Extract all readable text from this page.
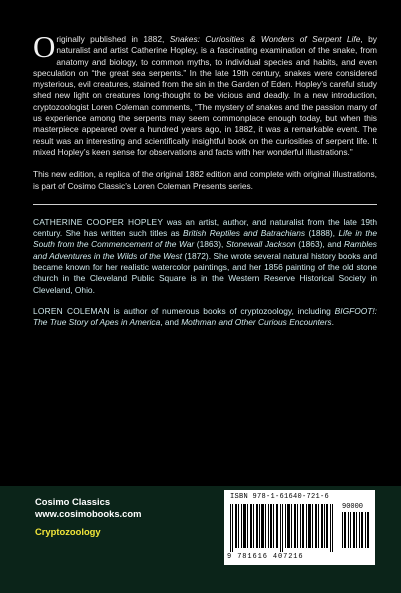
Originally published in 1882, Snakes: Curiosities & Wonders of Serpent Life, by naturalist and artist Catherine Hopley, is a fascinating examination of the snake, from anatomy and biology, to common myths, to individual species and habits, and even speculation on “the great sea serpents.” In the late 19th century, snakes were considered mysterious, evil creatures, stained from the sin in the Garden of Eden. Hopley’s careful study shed new light on creatures long-thought to be vicious and deadly. In a new introduction, cryptozoologist Loren Coleman comments, “The mystery of snakes and the passion many of us experience among the serpents may seem commonplace enough today, but when this masterpiece appeared over a hundred years ago, in 1882, it was a remarkable event. The result was an interesting and scientifically insightful book on the curiosities of serpent life. It mixed Hopley’s keen sense for observations and facts with her wonderful illustrations.”

This new edition, a replica of the original 1882 edition and complete with original illustrations, is part of Cosimo Classic’s Loren Coleman Presents series.

CATHERINE COOPER HOPLEY was an artist, author, and naturalist from the late 19th century. She has written such titles as British Reptiles and Batrachians (1888), Life in the South from the Commencement of the War (1863), Stonewall Jackson (1863), and Rambles and Adventures in the Wilds of the West (1872). She wrote several natural history books and became known for her realistic watercolor paintings, and her 1856 painting of the old stone church in the Cleveland Public Square is in the Western Reserve Historical Society in Cleveland, Ohio.

LOREN COLEMAN is author of numerous books of cryptozoology, including BIGFOOT!: The True Story of Apes in America, and Mothman and Other Curious Encounters.

Cosimo Classics
www.cosimobooks.com
Cryptozoology
ISBN 978-1-61640-721-6
90000
9 781616 407216
